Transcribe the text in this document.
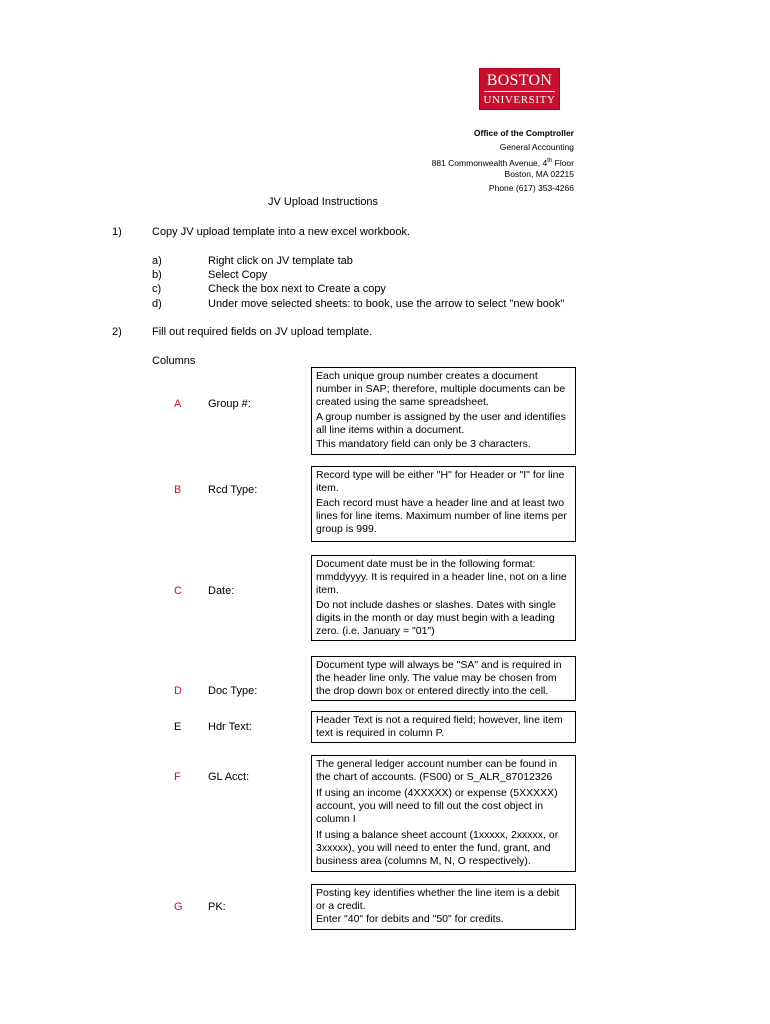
BOSTON
UNIVERSITY
Office of the Comptroller
General Accounting
881 Commonwealth Avenue, 4th Floor
Boston, MA 02215
Phone (617) 353-4266
JV Upload Instructions
1)	Copy JV upload template into a new excel workbook.
a)	Right click on JV template tab
b)	Select Copy
c)	Check the box next to Create a copy
d)	Under move selected sheets: to book, use the arrow to select "new book"
2)	Fill out required fields on JV upload template.
Columns
A Group #:

Each unique group number creates a document number in SAP; therefore, multiple documents can be created using the same spreadsheet.

A group number is assigned by the user and identifies all line items within a document.

This mandatory field can only be 3 characters.

B Rcd Type:

Record type will be either "H" for Header or "I" for line item.

Each record must have a header line and at least two lines for line items. Maximum number of line items per group is 999.

C Date:

Document date must be in the following format: mmddyyyy. It is required in a header line, not on a line item.

Do not include dashes or slashes. Dates with single digits in the month or day must begin with a leading zero. (i.e. January = "01")

D Doc Type:

Document type will always be "SA" and is required in the header line only. The value may be chosen from the drop down box or entered directly into the cell.

E Hdr Text:

Header Text is not a required field; however, line item text is required in column P.

F GL Acct:

The general ledger account number can be found in the chart of accounts. (FS00) or S_ALR_87012326

If using an income (4XXXXX) or expense (5XXXXX) account, you will need to fill out the cost object in column I

If using a balance sheet account (1xxxxx, 2xxxxx, or 3xxxxx), you will need to enter the fund, grant, and business area (columns M, N, O respectively).

G PK:

Posting key identifies whether the line item is a debit or a credit.

Enter "40" for debits and "50" for credits.
